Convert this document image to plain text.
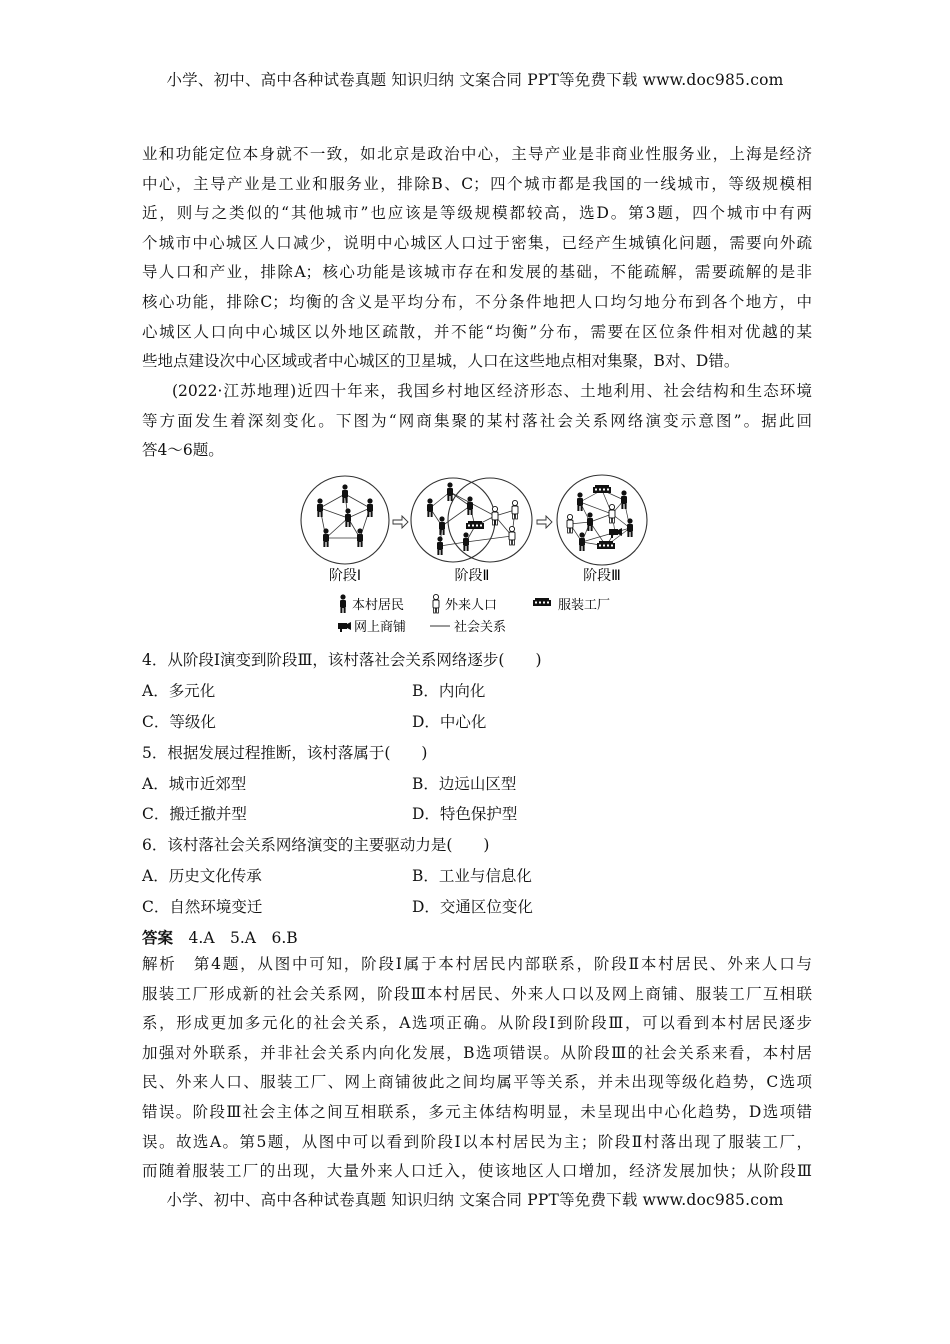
小学、初中、高中各种试卷真题 知识归纳 文案合同 PPT等免费下载 www.doc985.com
业和功能定位本身就不一致，如北京是政治中心，主导产业是非商业性服务业，上海是经济
中心，主导产业是工业和服务业，排除B、C；四个城市都是我国的一线城市，等级规模相
近，则与之类似的“其他城市”也应该是等级规模都较高，选D。第3题，四个城市中有两
个城市中心城区人口减少，说明中心城区人口过于密集，已经产生城镇化问题，需要向外疏
导人口和产业，排除A；核心功能是该城市存在和发展的基础，不能疏解，需要疏解的是非
核心功能，排除C；均衡的含义是平均分布，不分条件地把人口均匀地分布到各个地方，中
心城区人口向中心城区以外地区疏散，并不能“均衡”分布，需要在区位条件相对优越的某
些地点建设次中心区域或者中心城区的卫星城，人口在这些地点相对集聚，B对、D错。
(2022·江苏地理)近四十年来，我国乡村地区经济形态、土地利用、社会结构和生态环境
等方面发生着深刻变化。下图为“网商集聚的某村落社会关系网络演变示意图”。据此回
答4～6题。
阶段Ⅰ	阶段Ⅱ	阶段Ⅲ
本村居民	外来人口	服装工厂
网上商铺	社会关系
4．从阶段Ⅰ演变到阶段Ⅲ，该村落社会关系网络逐步(　　)
A．多元化	B．内向化
C．等级化	D．中心化
5．根据发展过程推断，该村落属于(　　)
A．城市近郊型	B．边远山区型
C．搬迁撤并型	D．特色保护型
6．该村落社会关系网络演变的主要驱动力是(　　)
A．历史文化传承	B．工业与信息化
C．自然环境变迁	D．交通区位变化
答案　 4.A　5.A　6.B
解析　第4题，从图中可知，阶段Ⅰ属于本村居民内部联系，阶段Ⅱ本村居民、外来人口与
服装工厂形成新的社会关系网，阶段Ⅲ本村居民、外来人口以及网上商铺、服装工厂互相联
系，形成更加多元化的社会关系，A选项正确。从阶段Ⅰ到阶段Ⅲ，可以看到本村居民逐步
加强对外联系，并非社会关系内向化发展，B选项错误。从阶段Ⅲ的社会关系来看，本村居
民、外来人口、服装工厂、网上商铺彼此之间均属平等关系，并未出现等级化趋势，C选项
错误。阶段Ⅲ社会主体之间互相联系，多元主体结构明显，未呈现出中心化趋势，D选项错
误。故选A。第5题，从图中可以看到阶段Ⅰ以本村居民为主；阶段Ⅱ村落出现了服装工厂，
而随着服装工厂的出现，大量外来人口迁入，使该地区人口增加，经济发展加快；从阶段Ⅲ
小学、初中、高中各种试卷真题 知识归纳 文案合同 PPT等免费下载 www.doc985.com
